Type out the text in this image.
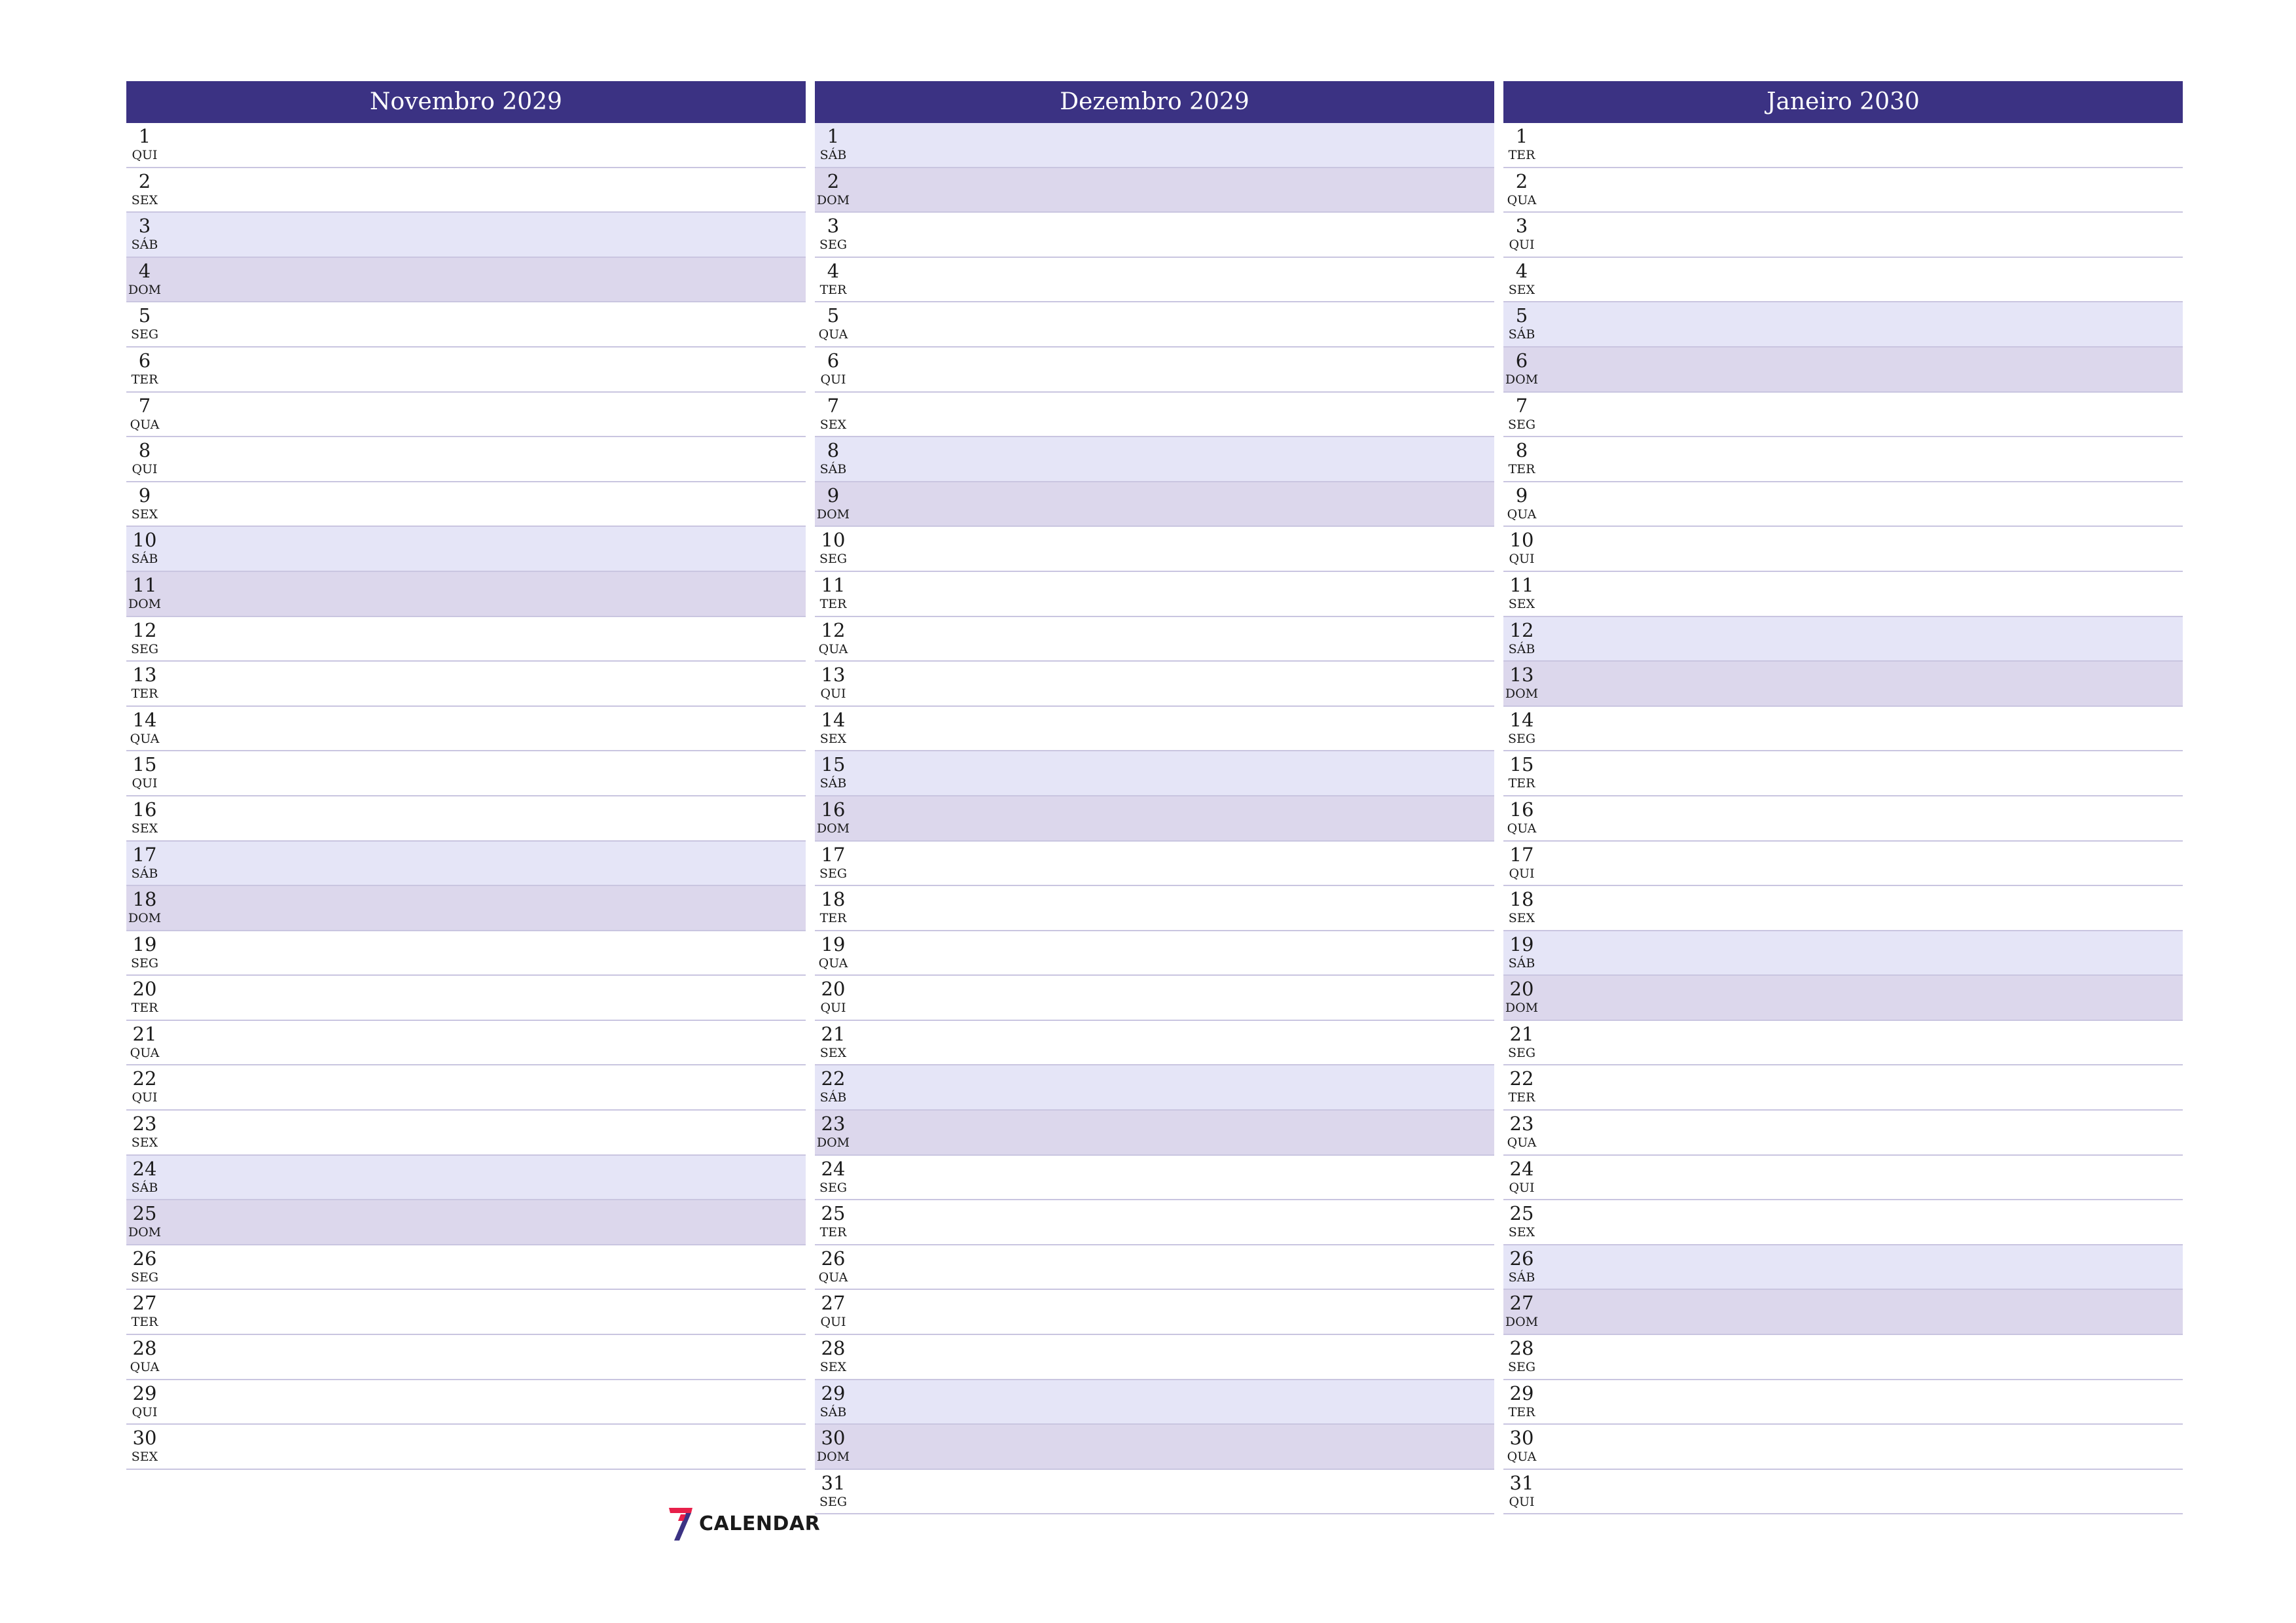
Novembro 2029
1
QUI
2
SEX
3
SÁB
4
DOM
5
SEG
6
TER
7
QUA
8
QUI
9
SEX
10
SÁB
11
DOM
12
SEG
13
TER
14
QUA
15
QUI
16
SEX
17
SÁB
18
DOM
19
SEG
20
TER
21
QUA
22
QUI
23
SEX
24
SÁB
25
DOM
26
SEG
27
TER
28
QUA
29
QUI
30
SEX
Dezembro 2029
1
SÁB
2
DOM
3
SEG
4
TER
5
QUA
6
QUI
7
SEX
8
SÁB
9
DOM
10
SEG
11
TER
12
QUA
13
QUI
14
SEX
15
SÁB
16
DOM
17
SEG
18
TER
19
QUA
20
QUI
21
SEX
22
SÁB
23
DOM
24
SEG
25
TER
26
QUA
27
QUI
28
SEX
29
SÁB
30
DOM
31
SEG
Janeiro 2030
1
TER
2
QUA
3
QUI
4
SEX
5
SÁB
6
DOM
7
SEG
8
TER
9
QUA
10
QUI
11
SEX
12
SÁB
13
DOM
14
SEG
15
TER
16
QUA
17
QUI
18
SEX
19
SÁB
20
DOM
21
SEG
22
TER
23
QUA
24
QUI
25
SEX
26
SÁB
27
DOM
28
SEG
29
TER
30
QUA
31
QUI
CALENDAR
